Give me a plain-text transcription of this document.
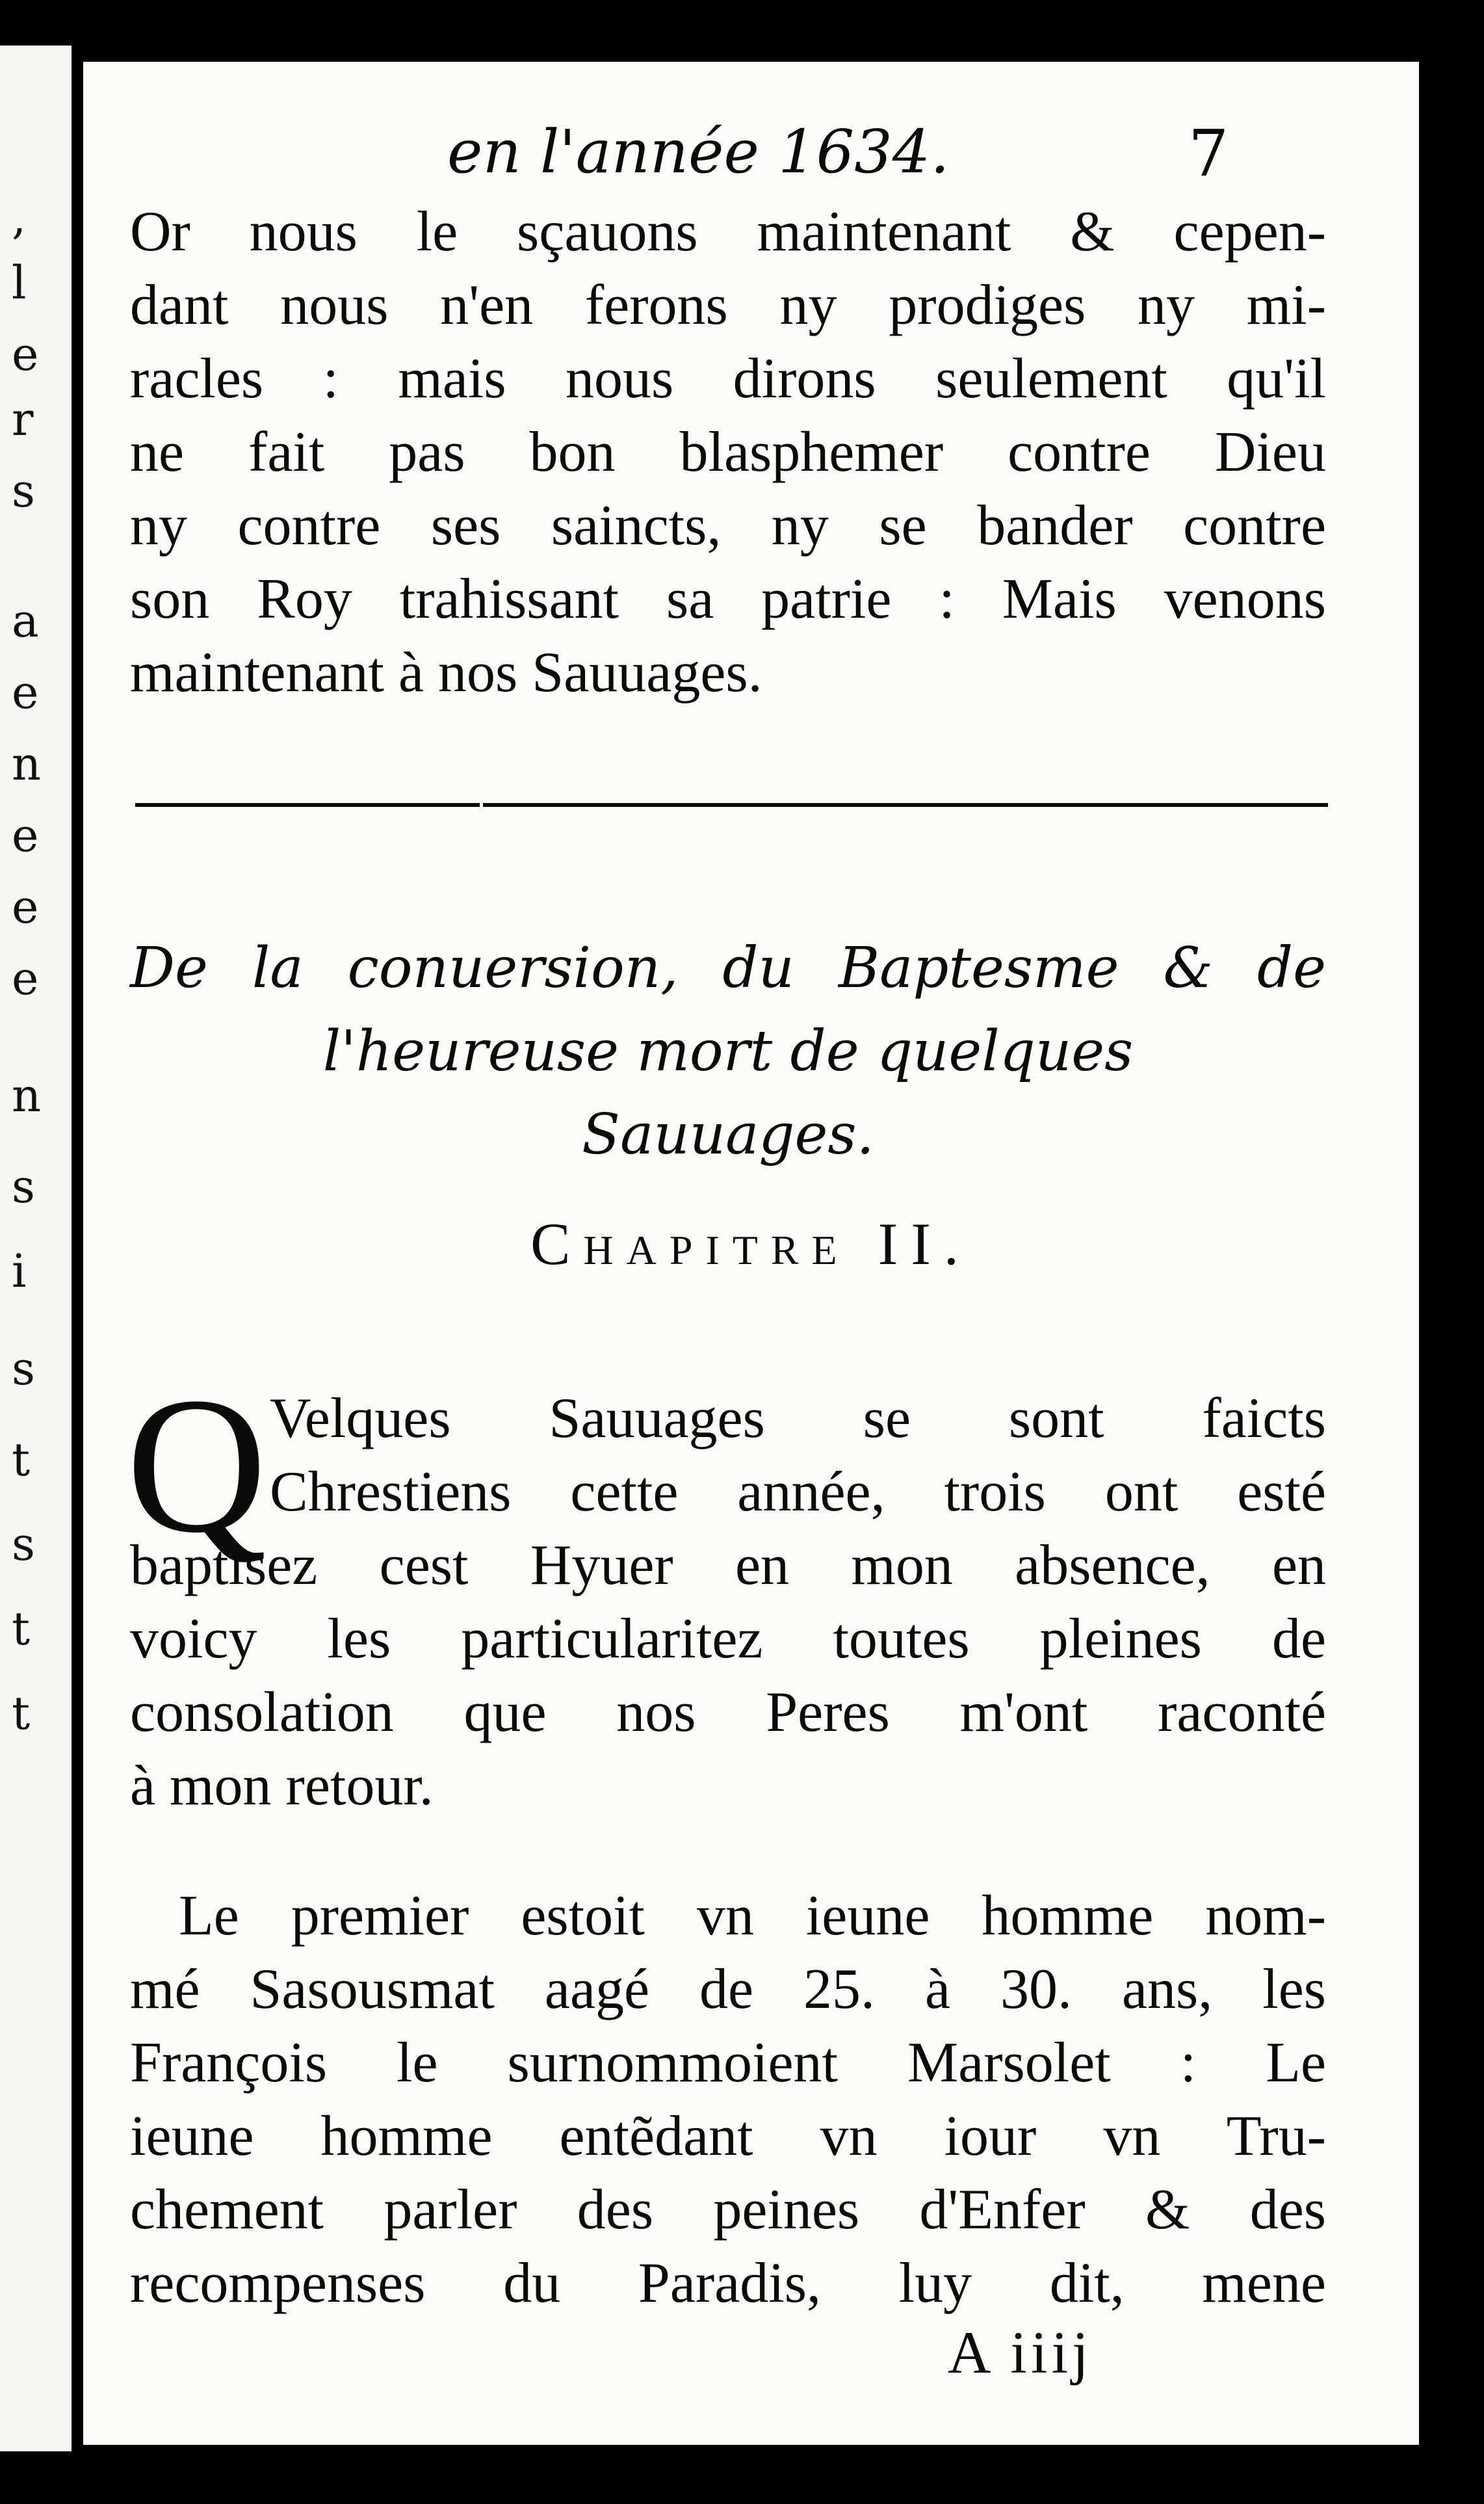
,
l
e
r
s
a
e
n
e
e
e
n
s
i
s
t
s
t
t
en l'année 1634.	7
Or nous le sçauons maintenant & cepen-
dant nous n'en ferons ny prodiges ny mi-
racles : mais nous dirons seulement qu'il
ne fait pas bon blasphemer contre Dieu
ny contre ses saincts, ny se bander contre
son Roy trahissant sa patrie : Mais venons
maintenant à nos Sauuages.
De la conuersion, du Baptesme & de
l'heureuse mort de quelques
Sauuages.
Chapitre II.
Q Velques Sauuages se sont faicts
Chrestiens cette année, trois ont esté
baptisez cest Hyuer en mon absence, en
voicy les particularitez toutes pleines de
consolation que nos Peres m'ont raconté
à mon retour.
Le premier estoit vn ieune homme nom-
mé Sasousmat aagé de 25. à 30. ans, les
François le surnommoient Marsolet : Le
ieune homme entẽdant vn iour vn Tru-
chement parler des peines d'Enfer & des
recompenses du Paradis, luy dit, mene
A iiij
